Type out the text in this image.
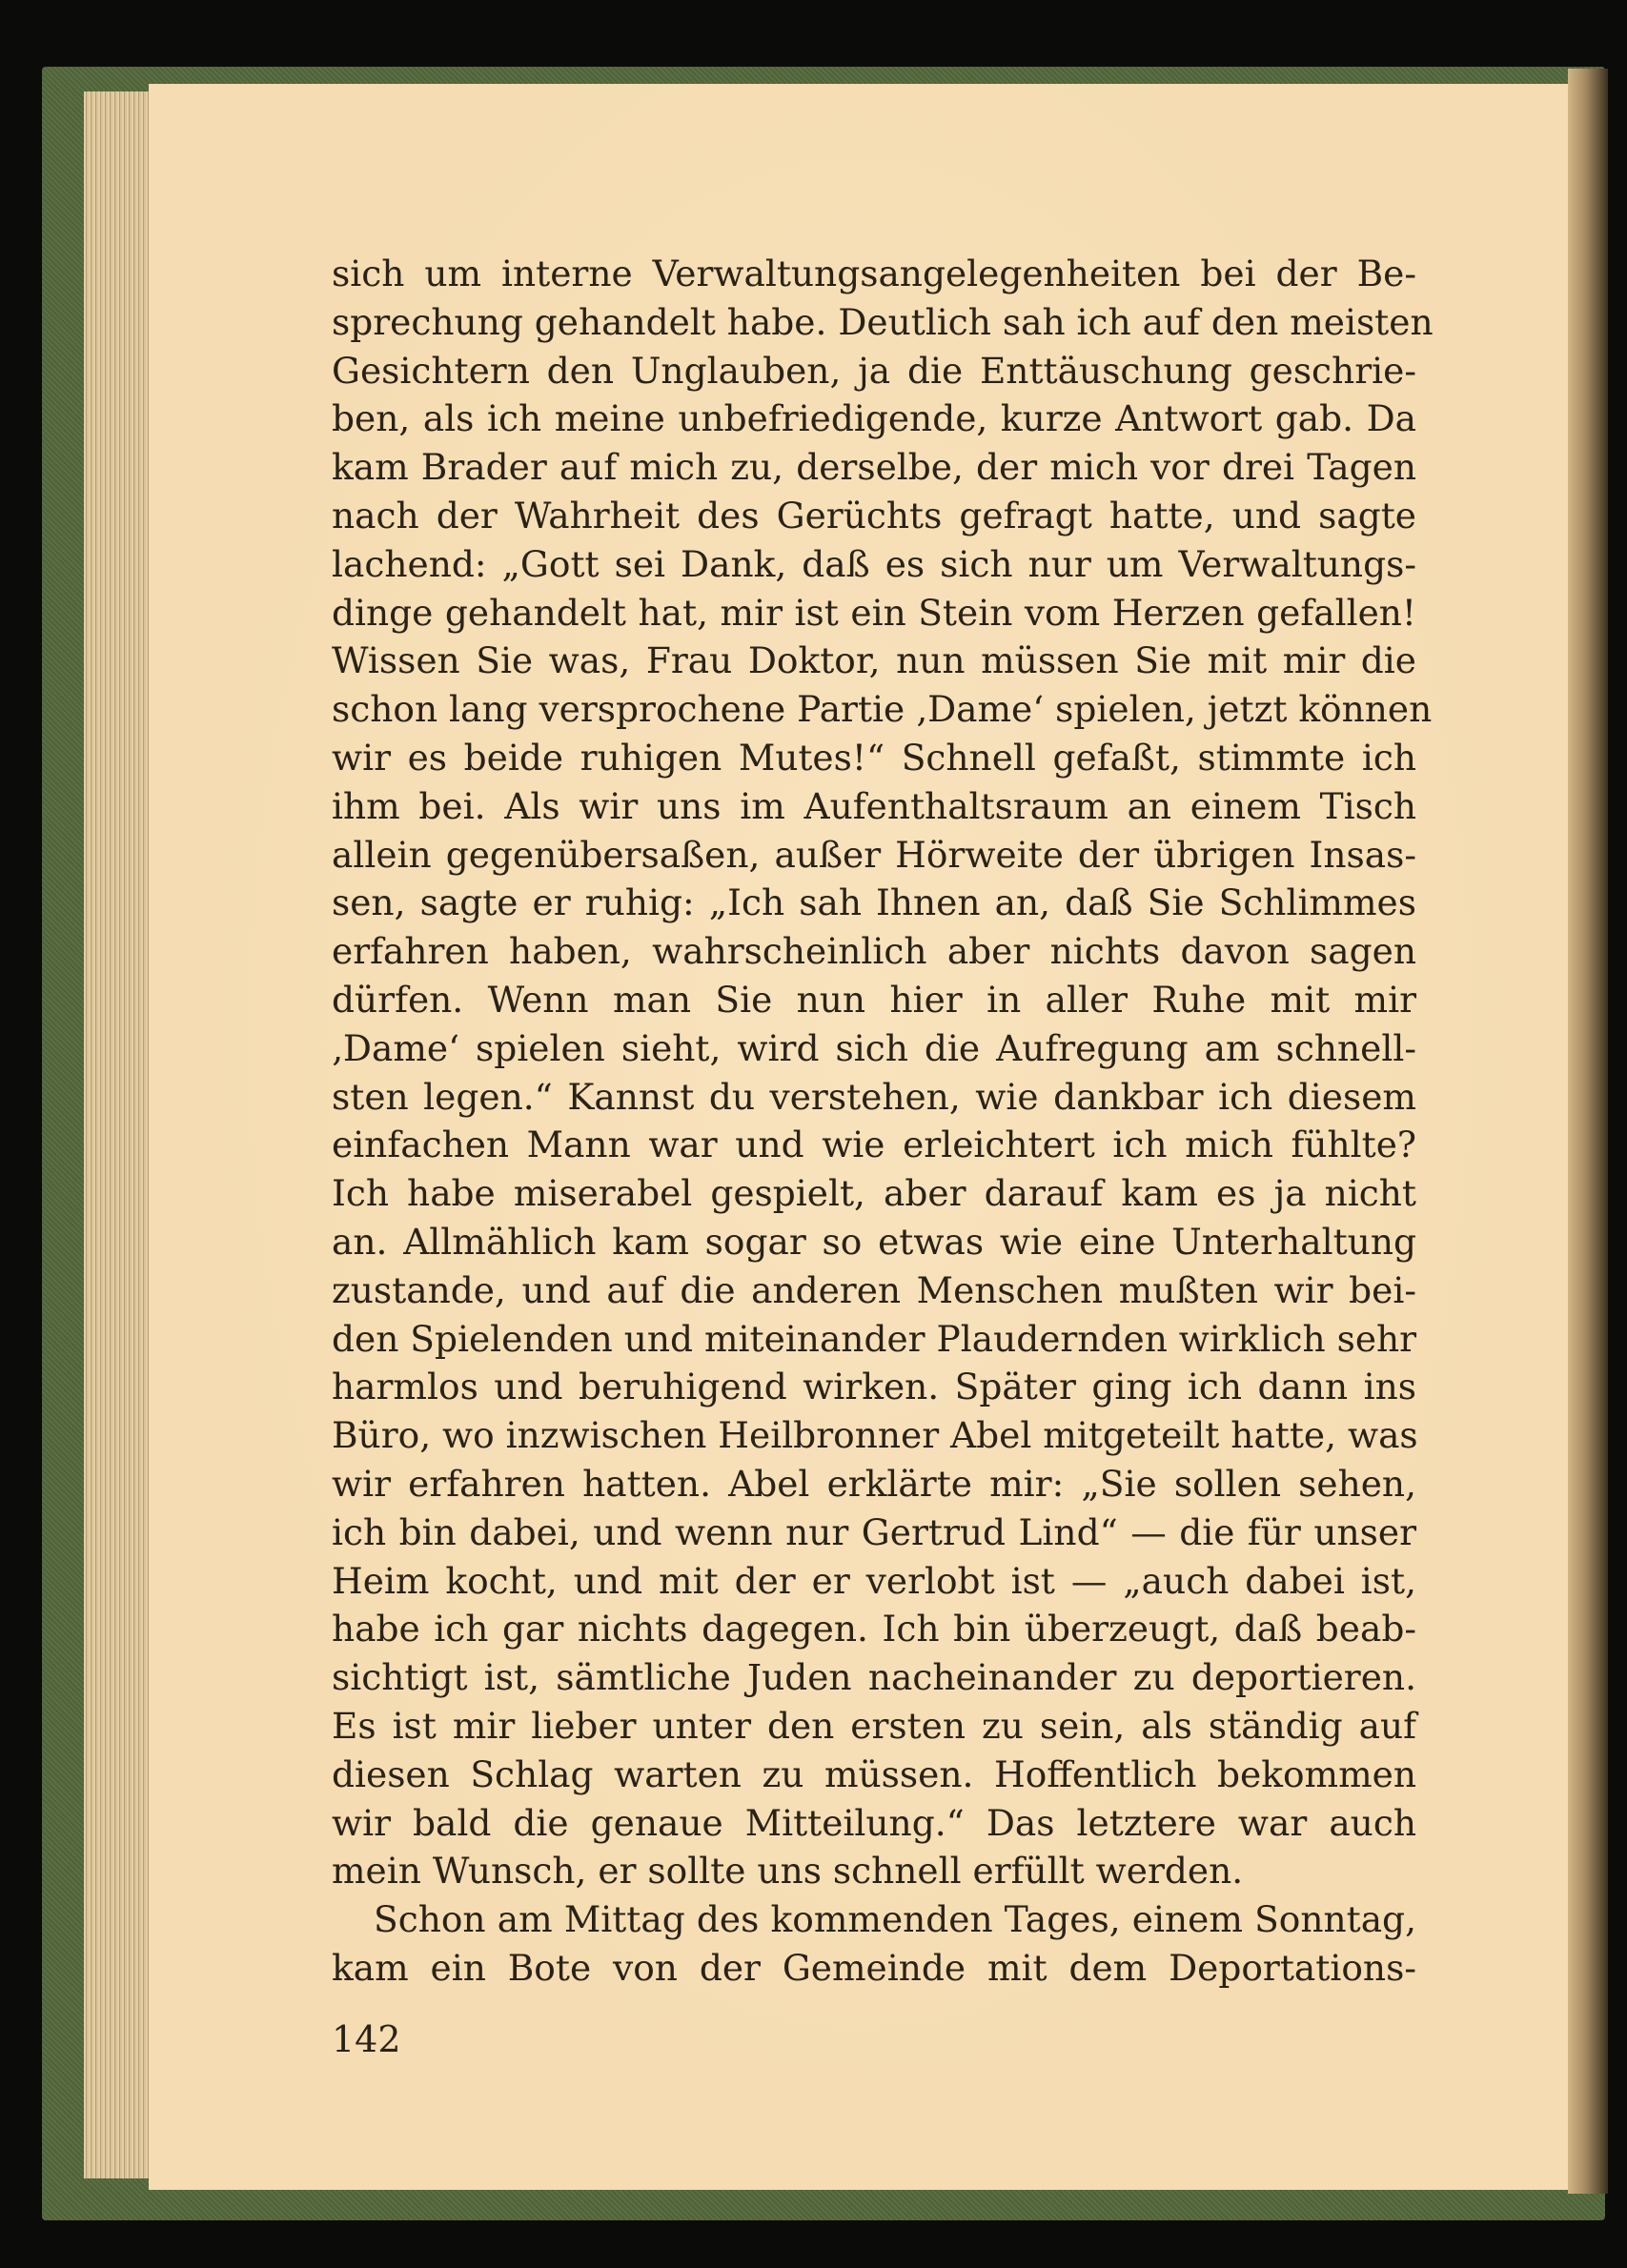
sich um interne Verwaltungsangelegenheiten bei der Be-

sprechung gehandelt habe. Deutlich sah ich auf den meisten

Gesichtern den Unglauben, ja die Enttäuschung geschrie-

ben, als ich meine unbefriedigende, kurze Antwort gab. Da

kam Brader auf mich zu, derselbe, der mich vor drei Tagen

nach der Wahrheit des Gerüchts gefragt hatte, und sagte

lachend: „Gott sei Dank, daß es sich nur um Verwaltungs-

dinge gehandelt hat, mir ist ein Stein vom Herzen gefallen!

Wissen Sie was, Frau Doktor, nun müssen Sie mit mir die

schon lang versprochene Partie ‚Dame‘ spielen, jetzt können

wir es beide ruhigen Mutes!“ Schnell gefaßt, stimmte ich

ihm bei. Als wir uns im Aufenthaltsraum an einem Tisch

allein gegenübersaßen, außer Hörweite der übrigen Insas-

sen, sagte er ruhig: „Ich sah Ihnen an, daß Sie Schlimmes

erfahren haben, wahrscheinlich aber nichts davon sagen

dürfen. Wenn man Sie nun hier in aller Ruhe mit mir

‚Dame‘ spielen sieht, wird sich die Aufregung am schnell-

sten legen.“ Kannst du verstehen, wie dankbar ich diesem

einfachen Mann war und wie erleichtert ich mich fühlte?

Ich habe miserabel gespielt, aber darauf kam es ja nicht

an. Allmählich kam sogar so etwas wie eine Unterhaltung

zustande, und auf die anderen Menschen mußten wir bei-

den Spielenden und miteinander Plaudernden wirklich sehr

harmlos und beruhigend wirken. Später ging ich dann ins

Büro, wo inzwischen Heilbronner Abel mitgeteilt hatte, was

wir erfahren hatten. Abel erklärte mir: „Sie sollen sehen,

ich bin dabei, und wenn nur Gertrud Lind“ — die für unser

Heim kocht, und mit der er verlobt ist — „auch dabei ist,

habe ich gar nichts dagegen. Ich bin überzeugt, daß beab-

sichtigt ist, sämtliche Juden nacheinander zu deportieren.

Es ist mir lieber unter den ersten zu sein, als ständig auf

diesen Schlag warten zu müssen. Hoffentlich bekommen

wir bald die genaue Mitteilung.“ Das letztere war auch

mein Wunsch, er sollte uns schnell erfüllt werden.

Schon am Mittag des kommenden Tages, einem Sonntag,

kam ein Bote von der Gemeinde mit dem Deportations-

142
